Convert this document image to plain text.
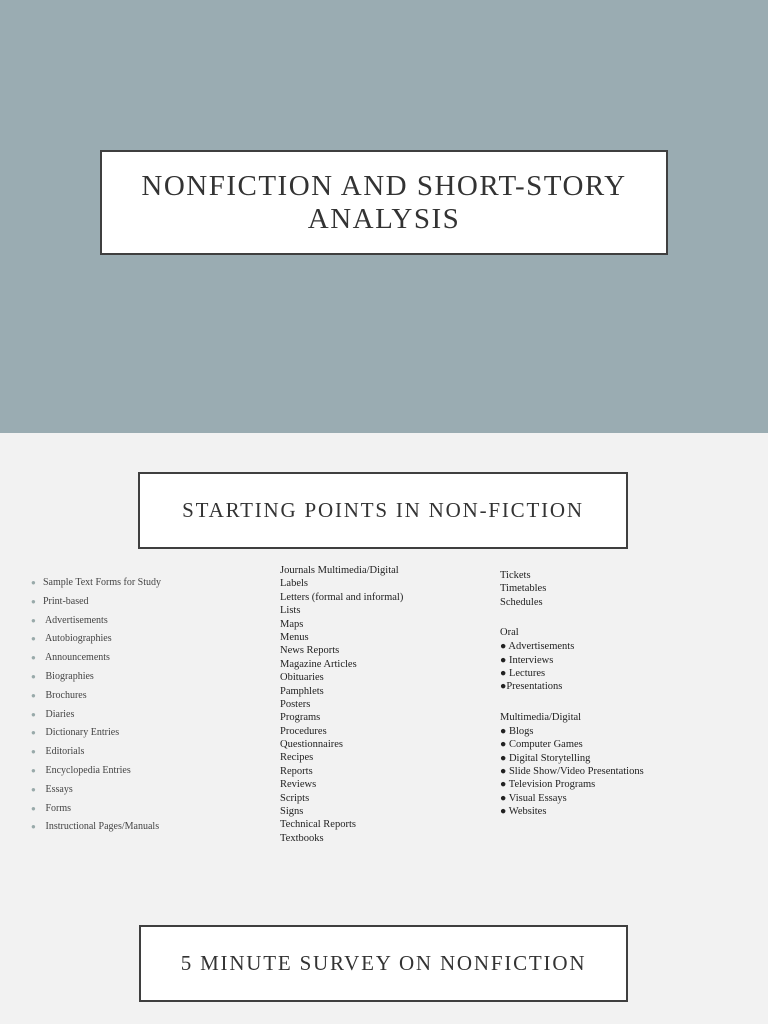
NONFICTION AND SHORT-STORY ANALYSIS
STARTING POINTS IN NON-FICTION
● Sample Text Forms for Study
● Print-based
● Advertisements
● Autobiographies
● Announcements
● Biographies
● Brochures
● Diaries
● Dictionary Entries
● Editorials
● Encyclopedia Entries
● Essays
● Forms
● Instructional Pages/Manuals
Journals Multimedia/Digital
Labels
Letters (formal and informal)
Lists
Maps
Menus
News Reports
Magazine Articles
Obituaries
Pamphlets
Posters
Programs
Procedures
Questionnaires
Recipes
Reports
Reviews
Scripts
Signs
Technical Reports
Textbooks
Tickets
Timetables
Schedules
Oral
● Advertisements
● Interviews
● Lectures
●Presentations
Multimedia/Digital
● Blogs
● Computer Games
● Digital Storytelling
● Slide Show/Video Presentations
● Television Programs
● Visual Essays
● Websites
5 MINUTE SURVEY ON NONFICTION
